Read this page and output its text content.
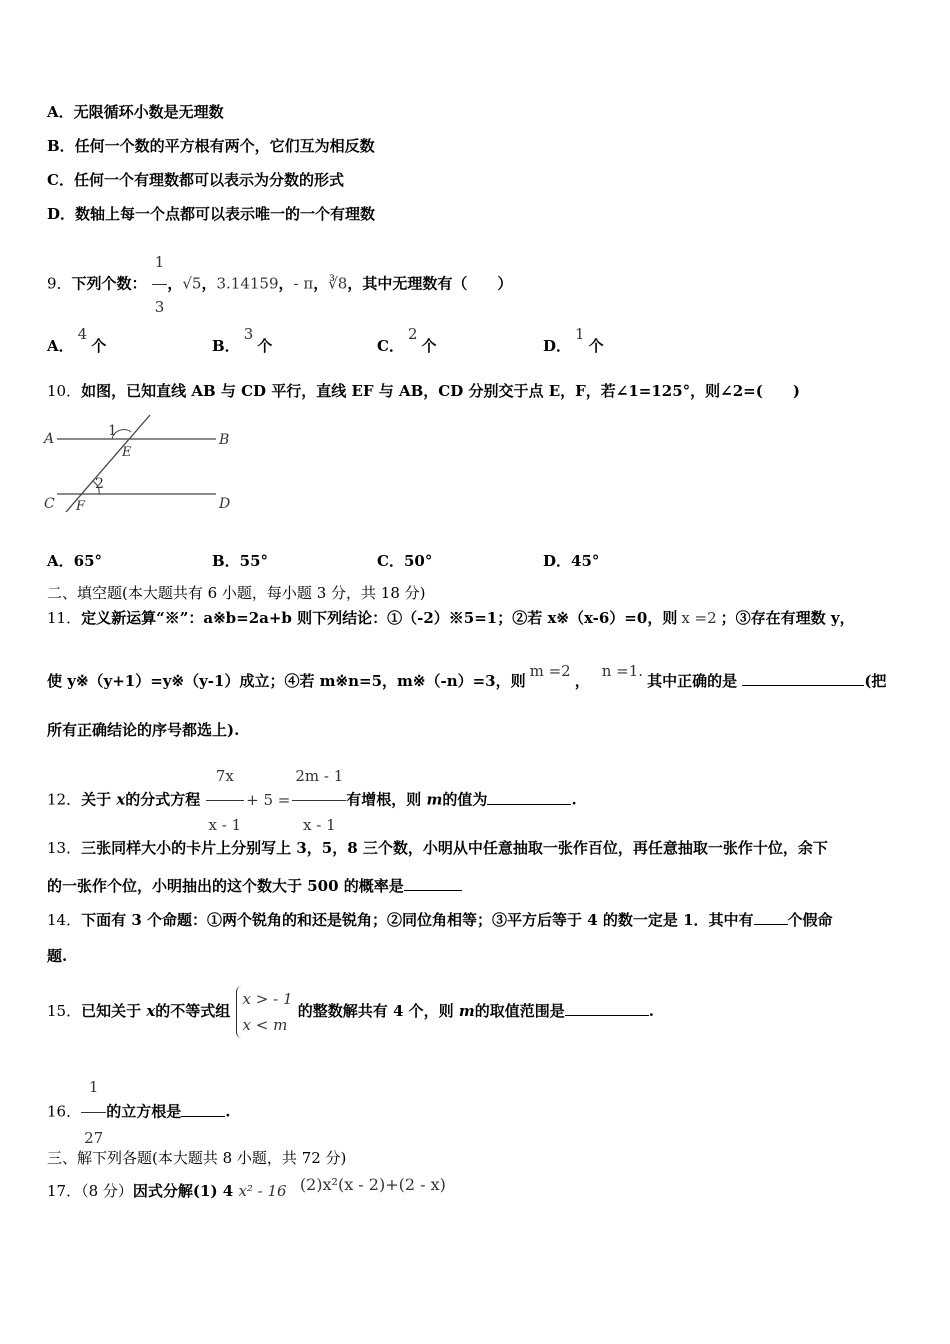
A．无限循环小数是无理数
B．任何一个数的平方根有两个，它们互为相反数
C．任何一个有理数都可以表示为分数的形式
D．数轴上每一个点都可以表示唯一的一个有理数
9．下列个数： $\frac{1}{3}$ ，√5，3.14159，- π，∛8，其中无理数有（　　）
A．4个	B．3个	C．2个	D．1个
10．如图，已知直线 AB 与 CD 平行，直线 EF 与 AB，CD 分别交于点 E，F，若∠1=125°，则∠2=(　　)
A	B
C	D
E
F
1
2
A．65°	B．55°	C．50°	D．45°
二、填空题(本大题共有 6 小题，每小题 3 分，共 18 分)
11．定义新运算“※”：a※b=2a+b 则下列结论：①（-2）※5=1；②若 x※（x-6）=0，则 x =2 ；③存在有理数 y，
使 y※（y+1）=y※（y-1）成立；④若 m※n=5，m※（-n）=3，则m =2，n =1.其中正确的是	(把
所有正确结论的序号都选上).
12．关于 x的分式方程 $\frac{7x}{x - 1} + 5 = \frac{2m - 1}{x - 1}$ 有增根，则 m的值为	.
13．三张同样大小的卡片上分别写上 3，5，8 三个数，小明从中任意抽取一张作百位，再任意抽取一张作十位，余下
的一张作个位，小明抽出的这个数大于 500 的概率是
14．下面有 3 个命题：①两个锐角的和还是锐角；②同位角相等；③平方后等于 4 的数一定是 1．其中有 个假命
题.
15．已知关于 x的不等式组
x > - 1
x < m
的整数解共有 4 个，则 m的取值范围是	.
16． $\frac{1}{27}$ 的立方根是	.
三、解下列各题(本大题共 8 小题，共 72 分)
17．（8 分）因式分解(1) 4 x² - 16 (2)x²(x - 2)+(2 - x)
